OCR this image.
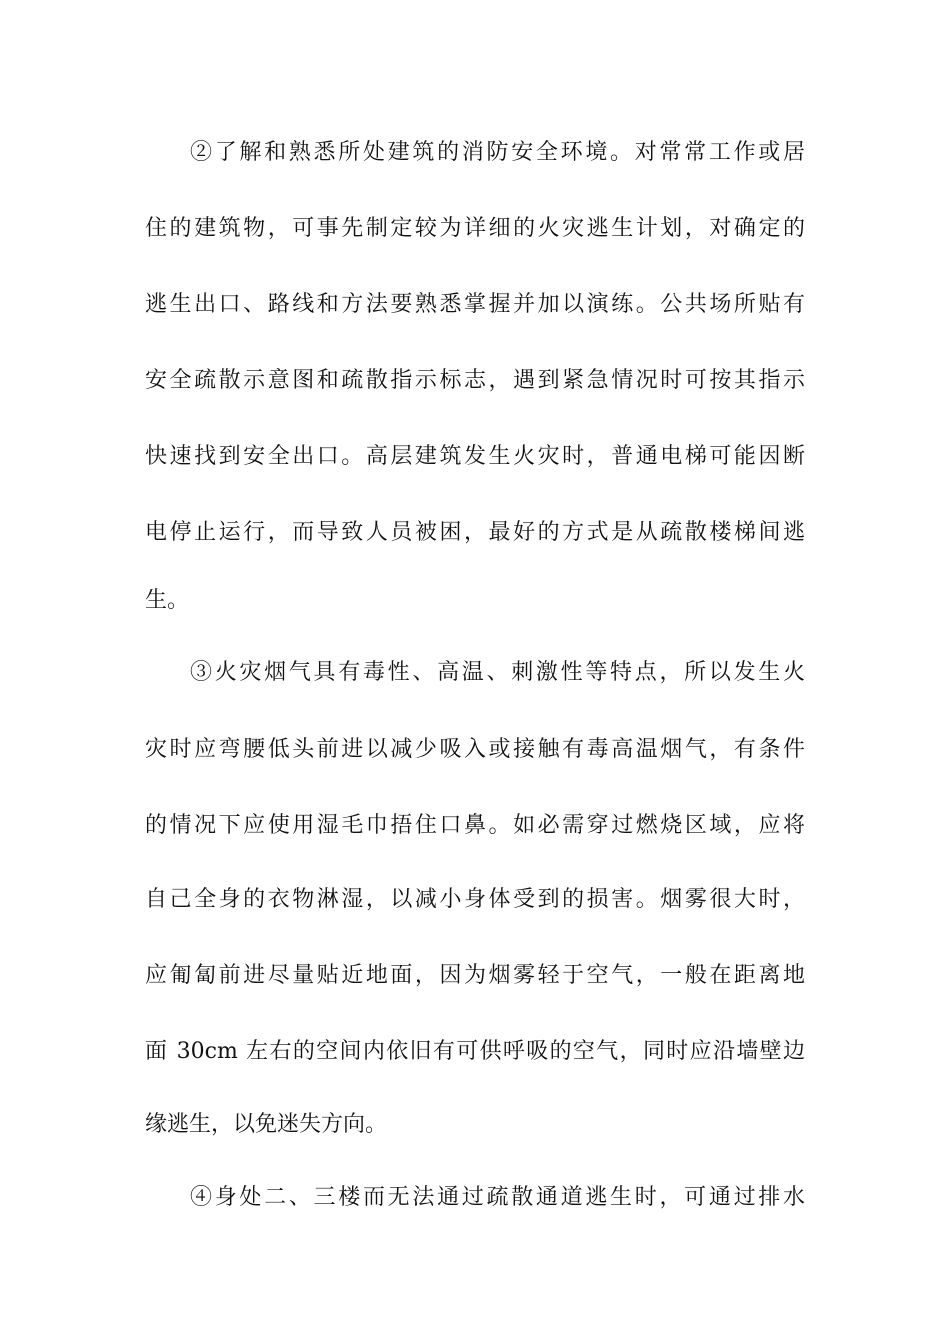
②了解和熟悉所处建筑的消防安全环境。对常常工作或居
住的建筑物，可事先制定较为详细的火灾逃生计划，对确定的
逃生出口、路线和方法要熟悉掌握并加以演练。公共场所贴有
安全疏散示意图和疏散指示标志，遇到紧急情况时可按其指示
快速找到安全出口。高层建筑发生火灾时，普通电梯可能因断
电停止运行，而导致人员被困，最好的方式是从疏散楼梯间逃
生。
③火灾烟气具有毒性、高温、刺激性等特点，所以发生火
灾时应弯腰低头前进以减少吸入或接触有毒高温烟气，有条件
的情况下应使用湿毛巾捂住口鼻。如必需穿过燃烧区域，应将
自己全身的衣物淋湿，以减小身体受到的损害。烟雾很大时，
应匍匐前进尽量贴近地面，因为烟雾轻于空气，一般在距离地
面 30cm 左右的空间内依旧有可供呼吸的空气，同时应沿墙壁边
缘逃生，以免迷失方向。
④身处二、三楼而无法通过疏散通道逃生时，可通过排水
